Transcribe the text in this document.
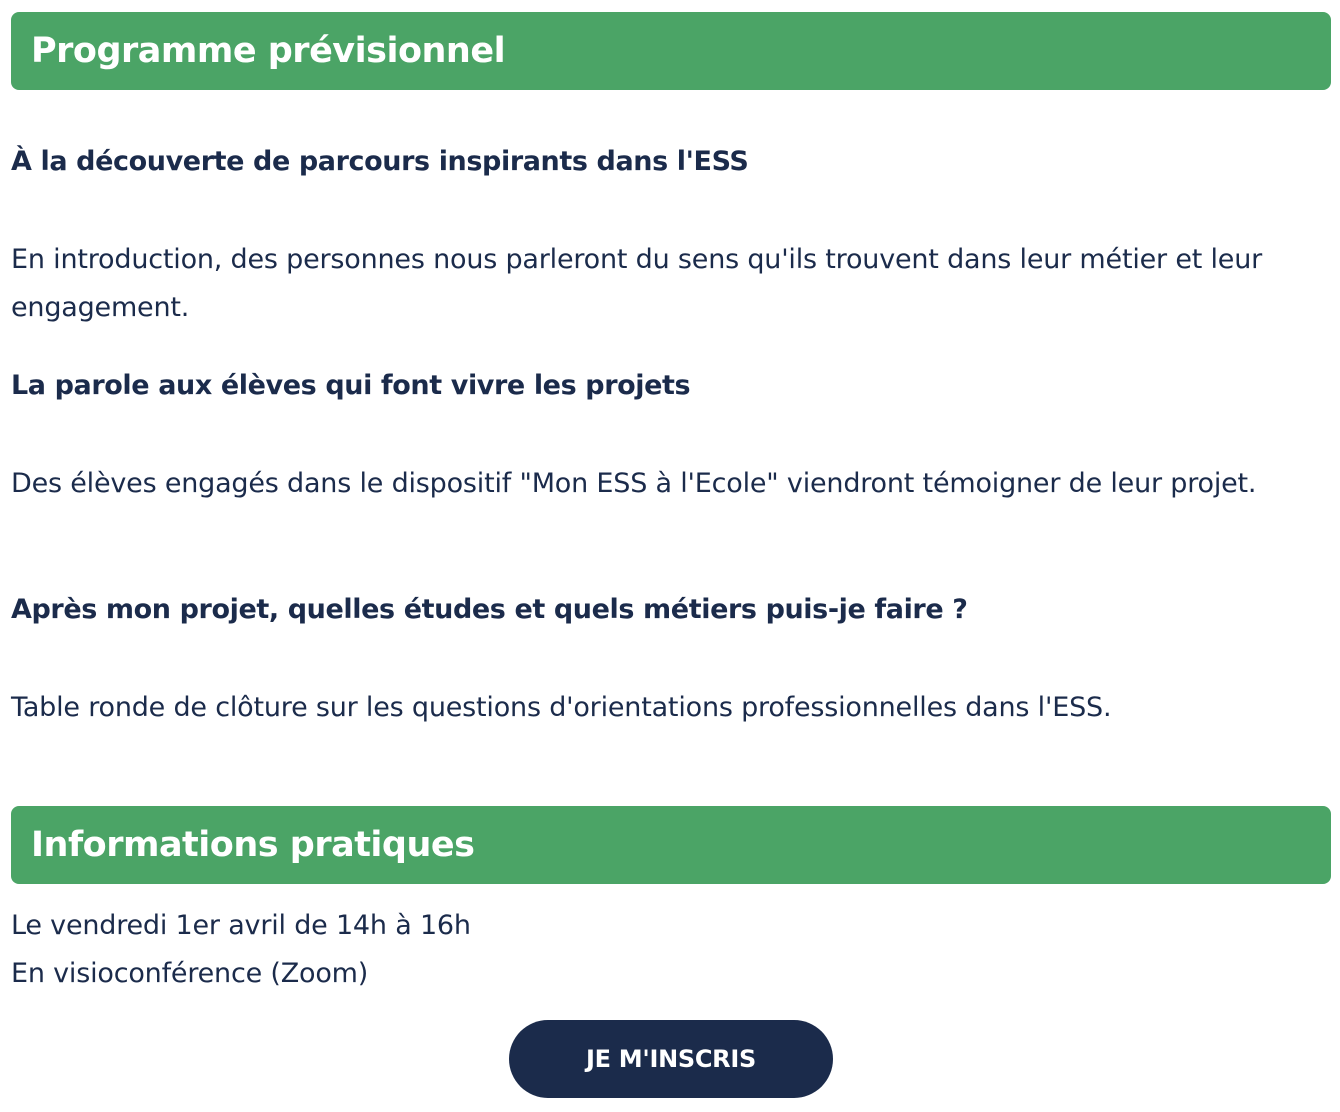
Programme prévisionnel

À la découverte de parcours inspirants dans l'ESS

En introduction, des personnes nous parleront du sens qu'ils trouvent dans leur métier et leur engagement.

La parole aux élèves qui font vivre les projets

Des élèves engagés dans le dispositif "Mon ESS à l'Ecole" viendront témoigner de leur projet.

Après mon projet, quelles études et quels métiers puis-je faire ?

Table ronde de clôture sur les questions d'orientations professionnelles dans l'ESS.

Informations pratiques

Le vendredi 1er avril de 14h à 16h

En visioconférence (Zoom)

JE M'INSCRIS
